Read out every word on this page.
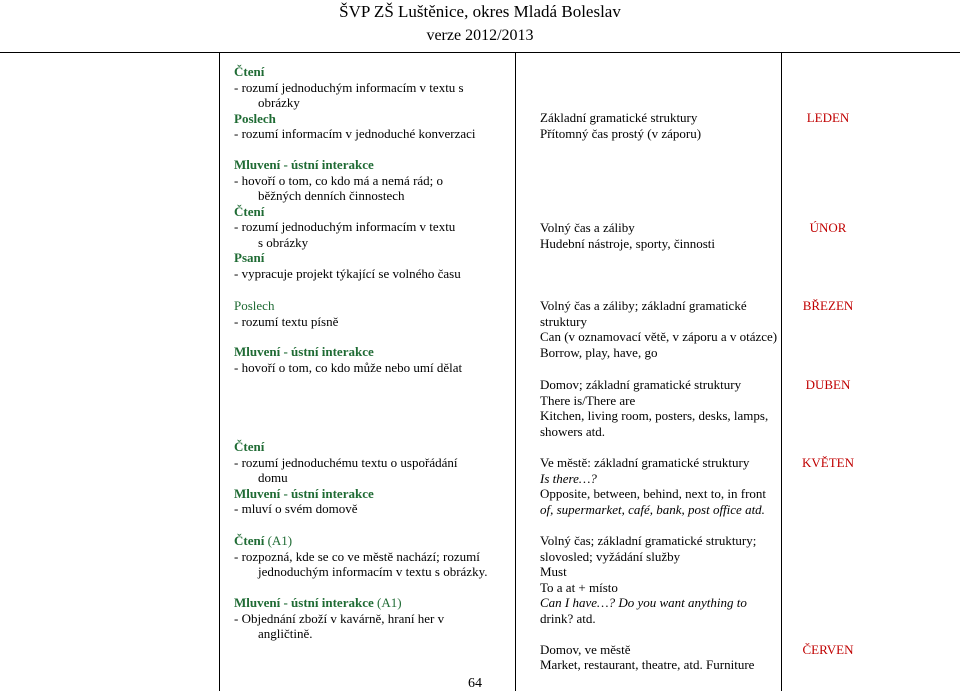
ŠVP ZŠ Luštěnice, okres Mladá Boleslav
verze 2012/2013
Čtení
- rozumí jednoduchým informacím v textu s
obrázky
Poslech
- rozumí informacím v jednoduché konverzaci
Základní gramatické struktury
Přítomný čas prostý (v záporu)
LEDEN
Mluvení - ústní interakce
- hovoří o tom, co kdo má a nemá rád; o
běžných denních činnostech
Čtení
- rozumí jednoduchým informacím v textu
s obrázky
Psaní
- vypracuje projekt týkající se volného času
Volný čas a záliby
Hudební nástroje, sporty, činnosti
ÚNOR
Poslech
- rozumí textu písně
Mluvení - ústní interakce
- hovoří o tom, co kdo může nebo umí dělat
Volný čas a záliby; základní gramatické
struktury
Can (v oznamovací větě, v záporu a v otázce)
Borrow, play, have, go
BŘEZEN
Domov; základní gramatické struktury
There is/There are
Kitchen, living room, posters, desks, lamps,
showers atd.
DUBEN
Čtení
- rozumí jednoduchému textu o uspořádání
domu
Mluvení - ústní interakce
- mluví o svém domově
Ve městě: základní gramatické struktury
Is there…?
Opposite, between, behind, next to, in front
of, supermarket, café, bank, post office atd.
KVĚTEN
Čtení (A1)
- rozpozná, kde se co ve městě nachází; rozumí
jednoduchým informacím v textu s obrázky.
Mluvení - ústní interakce (A1)
- Objednání zboží v kavárně, hraní her v
angličtině.
Volný čas; základní gramatické struktury;
slovosled; vyžádání služby
Must
To a at + místo
Can I have…? Do you want anything to
drink? atd.
Domov, ve městě
Market, restaurant, theatre, atd. Furniture
ČERVEN
64
